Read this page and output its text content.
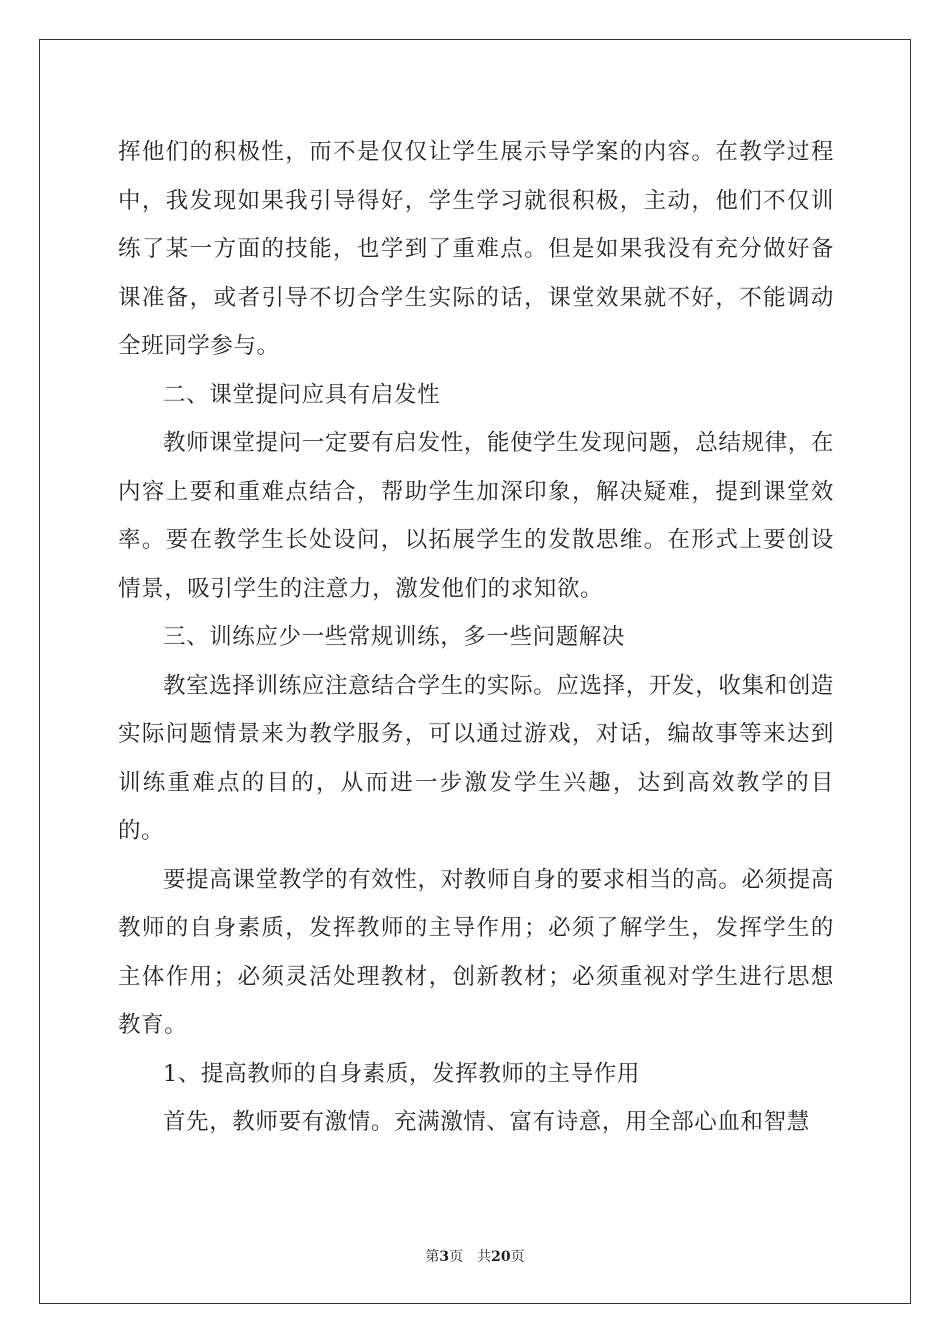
挥他们的积极性，而不是仅仅让学生展示导学案的内容。在教学过程中，我发现如果我引导得好，学生学习就很积极，主动，他们不仅训练了某一方面的技能，也学到了重难点。但是如果我没有充分做好备课准备，或者引导不切合学生实际的话，课堂效果就不好，不能调动全班同学参与。

二、课堂提问应具有启发性

教师课堂提问一定要有启发性，能使学生发现问题，总结规律，在内容上要和重难点结合，帮助学生加深印象，解决疑难，提到课堂效率。要在教学生长处设问，以拓展学生的发散思维。在形式上要创设情景，吸引学生的注意力，激发他们的求知欲。

三、训练应少一些常规训练，多一些问题解决

教室选择训练应注意结合学生的实际。应选择，开发，收集和创造实际问题情景来为教学服务，可以通过游戏，对话，编故事等来达到训练重难点的目的，从而进一步激发学生兴趣，达到高效教学的目的。

要提高课堂教学的有效性，对教师自身的要求相当的高。必须提高教师的自身素质，发挥教师的主导作用；必须了解学生，发挥学生的主体作用；必须灵活处理教材，创新教材；必须重视对学生进行思想教育。

1、提高教师的自身素质，发挥教师的主导作用

首先，教师要有激情。充满激情、富有诗意，用全部心血和智慧

第3页 共20页
